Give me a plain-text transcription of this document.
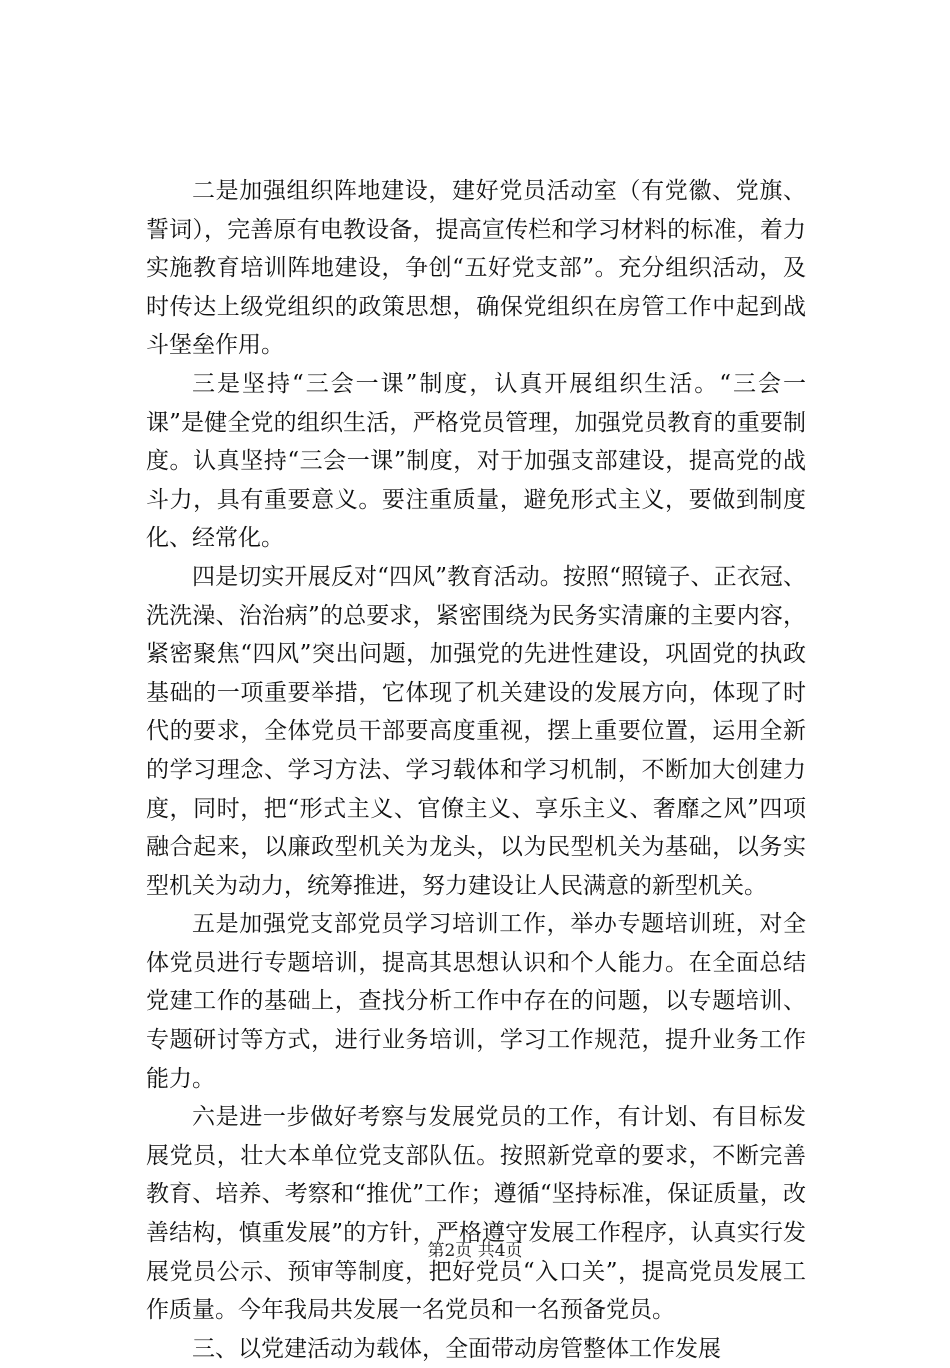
二是加强组织阵地建设，建好党员活动室（有党徽、党旗、誓词），完善原有电教设备，提高宣传栏和学习材料的标准，着力实施教育培训阵地建设，争创“五好党支部”。充分组织活动，及时传达上级党组织的政策思想，确保党组织在房管工作中起到战斗堡垒作用。

三是坚持“三会一课”制度，认真开展组织生活。“三会一课”是健全党的组织生活，严格党员管理，加强党员教育的重要制度。认真坚持“三会一课”制度，对于加强支部建设，提高党的战斗力，具有重要意义。要注重质量，避免形式主义，要做到制度化、经常化。

四是切实开展反对“四风”教育活动。按照“照镜子、正衣冠、洗洗澡、治治病”的总要求，紧密围绕为民务实清廉的主要内容，紧密聚焦“四风”突出问题，加强党的先进性建设，巩固党的执政基础的一项重要举措，它体现了机关建设的发展方向，体现了时代的要求，全体党员干部要高度重视，摆上重要位置，运用全新的学习理念、学习方法、学习载体和学习机制，不断加大创建力度，同时，把“形式主义、官僚主义、享乐主义、奢靡之风”四项融合起来，以廉政型机关为龙头，以为民型机关为基础，以务实型机关为动力，统筹推进，努力建设让人民满意的新型机关。

五是加强党支部党员学习培训工作，举办专题培训班，对全体党员进行专题培训，提高其思想认识和个人能力。在全面总结党建工作的基础上，查找分析工作中存在的问题，以专题培训、专题研讨等方式，进行业务培训，学习工作规范，提升业务工作能力。

六是进一步做好考察与发展党员的工作，有计划、有目标发展党员，壮大本单位党支部队伍。按照新党章的要求，不断完善教育、培养、考察和“推优”工作；遵循“坚持标准，保证质量，改善结构，慎重发展”的方针，严格遵守发展工作程序，认真实行发展党员公示、预审等制度，把好党员“入口关”，提高党员发展工作质量。今年我局共发展一名党员和一名预备党员。

三、以党建活动为载体，全面带动房管整体工作发展

第2页 共4页
